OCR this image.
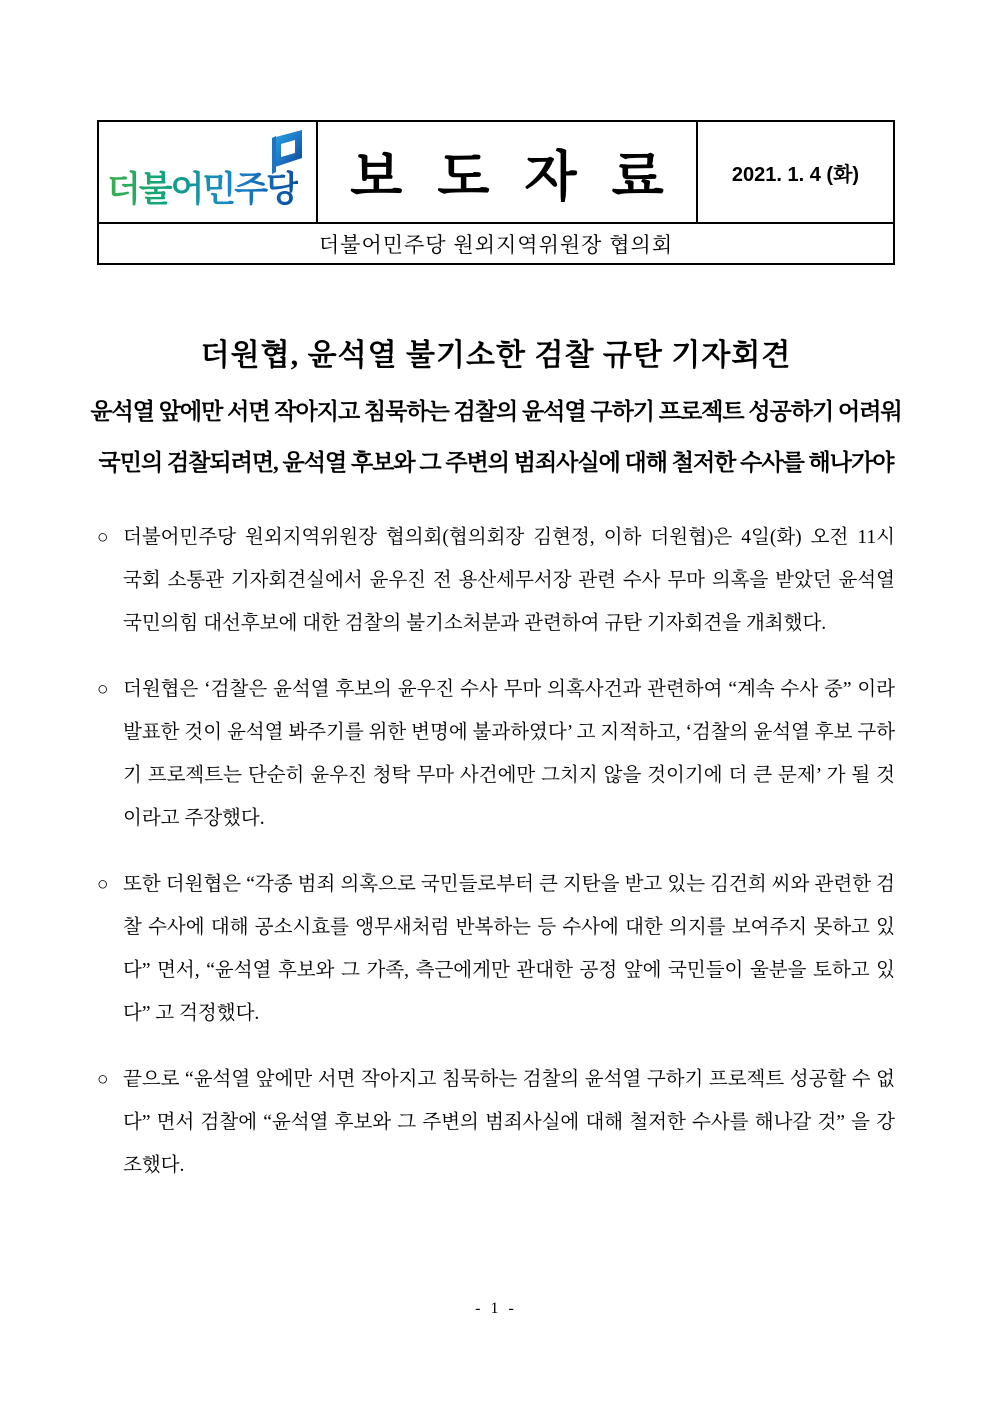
더불어민주당 보 도 자 료	2021. 1. 4 (화)
더불어민주당 원외지역위원장 협의회
더원협, 윤석열 불기소한 검찰 규탄 기자회견
윤석열 앞에만 서면 작아지고 침묵하는 검찰의 윤석열 구하기 프로젝트 성공하기 어려워
국민의 검찰되려면, 윤석열 후보와 그 주변의 범죄사실에 대해 철저한 수사를 해나가야
○ 더불어민주당 원외지역위원장 협의회(협의회장 김현정, 이하 더원협)은 4일(화) 오전 11시 국회 소통관 기자회견실에서 윤우진 전 용산세무서장 관련 수사 무마 의혹을 받았던 윤석열 국민의힘 대선후보에 대한 검찰의 불기소처분과 관련하여 규탄 기자회견을 개최했다.
○ 더원협은 ‘검찰은 윤석열 후보의 윤우진 수사 무마 의혹사건과 관련하여 “계속 수사 중” 이라 발표한 것이 윤석열 봐주기를 위한 변명에 불과하였다’ 고 지적하고, ‘검찰의 윤석열 후보 구하기 프로젝트는 단순히 윤우진 청탁 무마 사건에만 그치지 않을 것이기에 더 큰 문제’ 가 될 것이라고 주장했다.
○ 또한 더원협은 “각종 범죄 의혹으로 국민들로부터 큰 지탄을 받고 있는 김건희 씨와 관련한 검찰 수사에 대해 공소시효를 앵무새처럼 반복하는 등 수사에 대한 의지를 보여주지 못하고 있다” 면서, “윤석열 후보와 그 가족, 측근에게만 관대한 공정 앞에 국민들이 울분을 토하고 있다” 고 걱정했다.
○ 끝으로 “윤석열 앞에만 서면 작아지고 침묵하는 검찰의 윤석열 구하기 프로젝트 성공할 수 없다” 면서 검찰에 “윤석열 후보와 그 주변의 범죄사실에 대해 철저한 수사를 해나갈 것” 을 강조했다.
- 1 -
